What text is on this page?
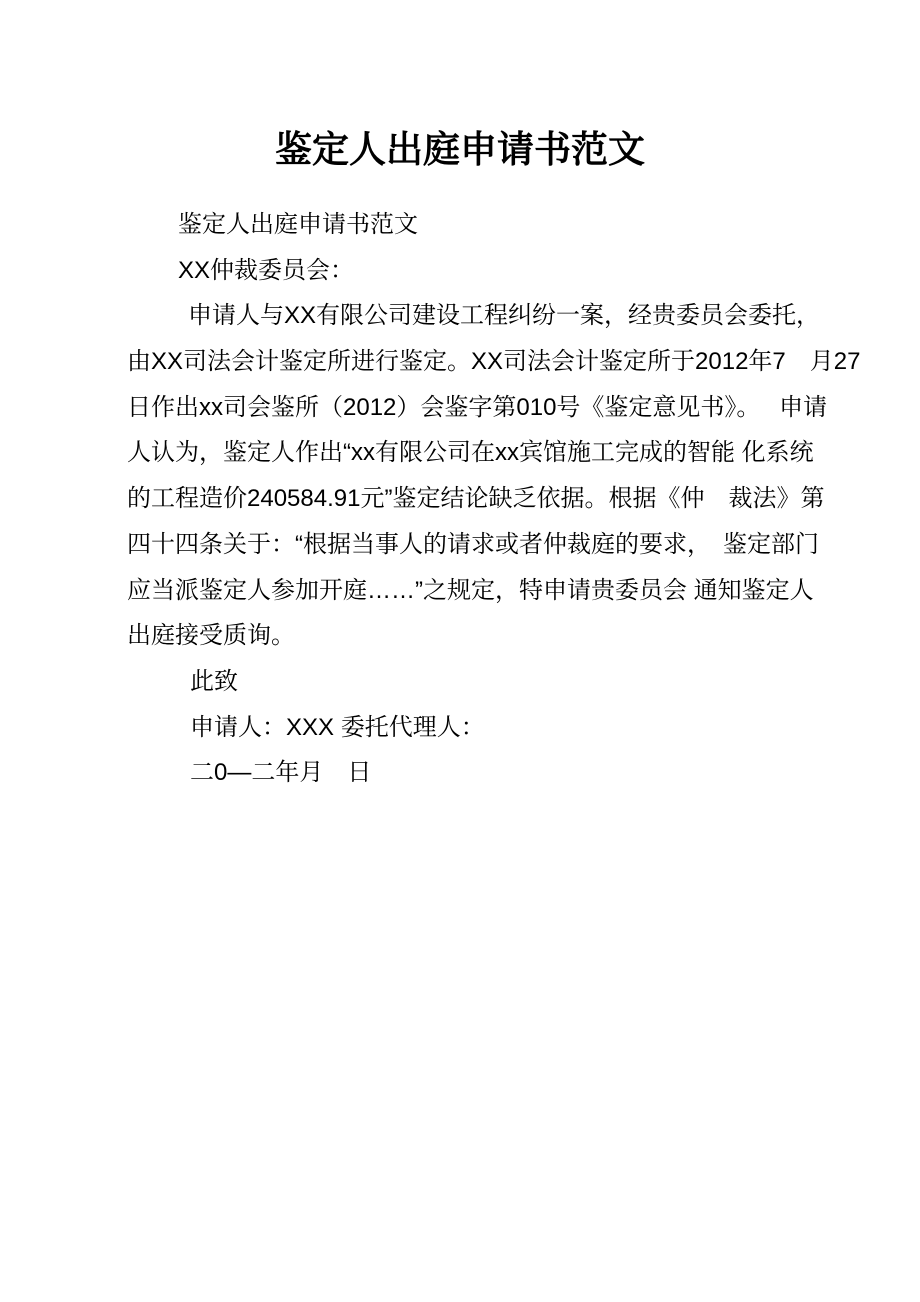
鉴定人出庭申请书范文
鉴定人出庭申请书范文
XX仲裁委员会：
申请人与XX有限公司建设工程纠纷一案，经贵委员会委托，
由XX司法会计鉴定所进行鉴定。XX司法会计鉴定所于2012年7　月27
日作出xx司会鉴所（2012）会鉴字第010号《鉴定意见书》。　 申请
人认为，鉴定人作出“xx有限公司在xx宾馆施工完成的智能 化系统
的工程造价240584.91元”鉴定结论缺乏依据。根据《仲　裁法》第
四十四条关于：“根据当事人的请求或者仲裁庭的要求，　鉴定部门
应当派鉴定人参加开庭……”之规定，特申请贵委员会 通知鉴定人
出庭接受质询。
此致
申请人：XXX 委托代理人：
二0—二年月　日
